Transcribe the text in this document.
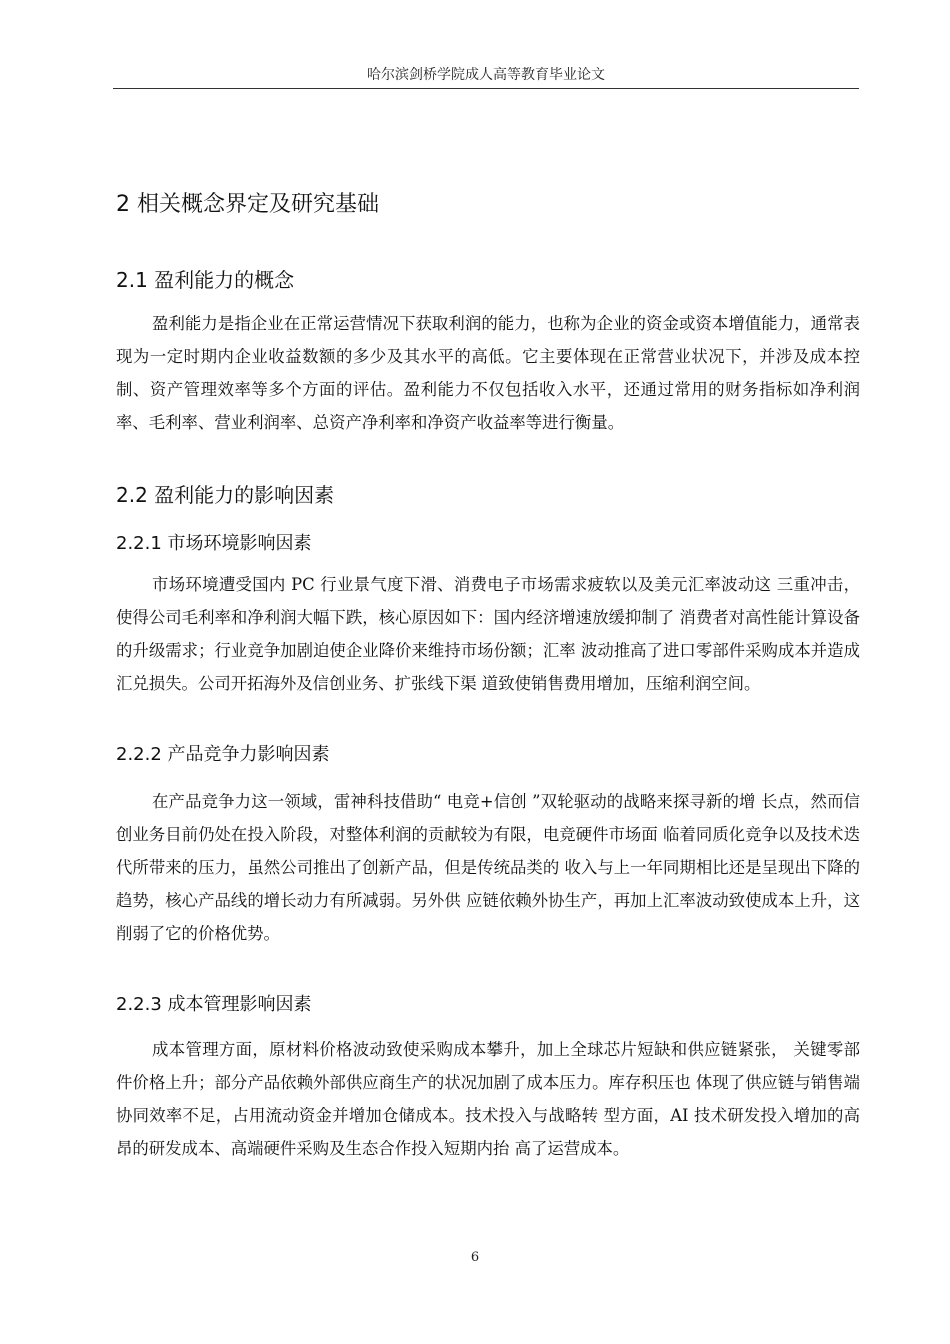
哈尔滨剑桥学院成人高等教育毕业论文
2 相关概念界定及研究基础
2.1 盈利能力的概念
盈利能力是指企业在正常运营情况下获取利润的能力，也称为企业的资金或资本增值能力，通常表现为一定时期内企业收益数额的多少及其水平的高低。它主要体现在正常营业状况下，并涉及成本控制、资产管理效率等多个方面的评估。盈利能力不仅包括收入水平，还通过常用的财务指标如净利润率、毛利率、营业利润率、总资产净利率和净资产收益率等进行衡量。
2.2 盈利能力的影响因素
2.2.1 市场环境影响因素
市场环境遭受国内 PC 行业景气度下滑、消费电子市场需求疲软以及美元汇率波动这 三重冲击，使得公司毛利率和净利润大幅下跌，核心原因如下：国内经济增速放缓抑制了 消费者对高性能计算设备的升级需求；行业竞争加剧迫使企业降价来维持市场份额；汇率 波动推高了进口零部件采购成本并造成汇兑损失。公司开拓海外及信创业务、扩张线下渠 道致使销售费用增加，压缩利润空间。
2.2.2 产品竞争力影响因素
在产品竞争力这一领域，雷神科技借助“ 电竞+信创 ”双轮驱动的战略来探寻新的增 长点，然而信创业务目前仍处在投入阶段，对整体利润的贡献较为有限，电竞硬件市场面 临着同质化竞争以及技术迭代所带来的压力，虽然公司推出了创新产品，但是传统品类的 收入与上一年同期相比还是呈现出下降的趋势，核心产品线的增长动力有所减弱。另外供 应链依赖外协生产，再加上汇率波动致使成本上升，这削弱了它的价格优势。
2.2.3 成本管理影响因素
成本管理方面，原材料价格波动致使采购成本攀升，加上全球芯片短缺和供应链紧张， 关键零部件价格上升；部分产品依赖外部供应商生产的状况加剧了成本压力。库存积压也 体现了供应链与销售端协同效率不足，占用流动资金并增加仓储成本。技术投入与战略转 型方面，AI 技术研发投入增加的高昂的研发成本、高端硬件采购及生态合作投入短期内抬 高了运营成本。
6
